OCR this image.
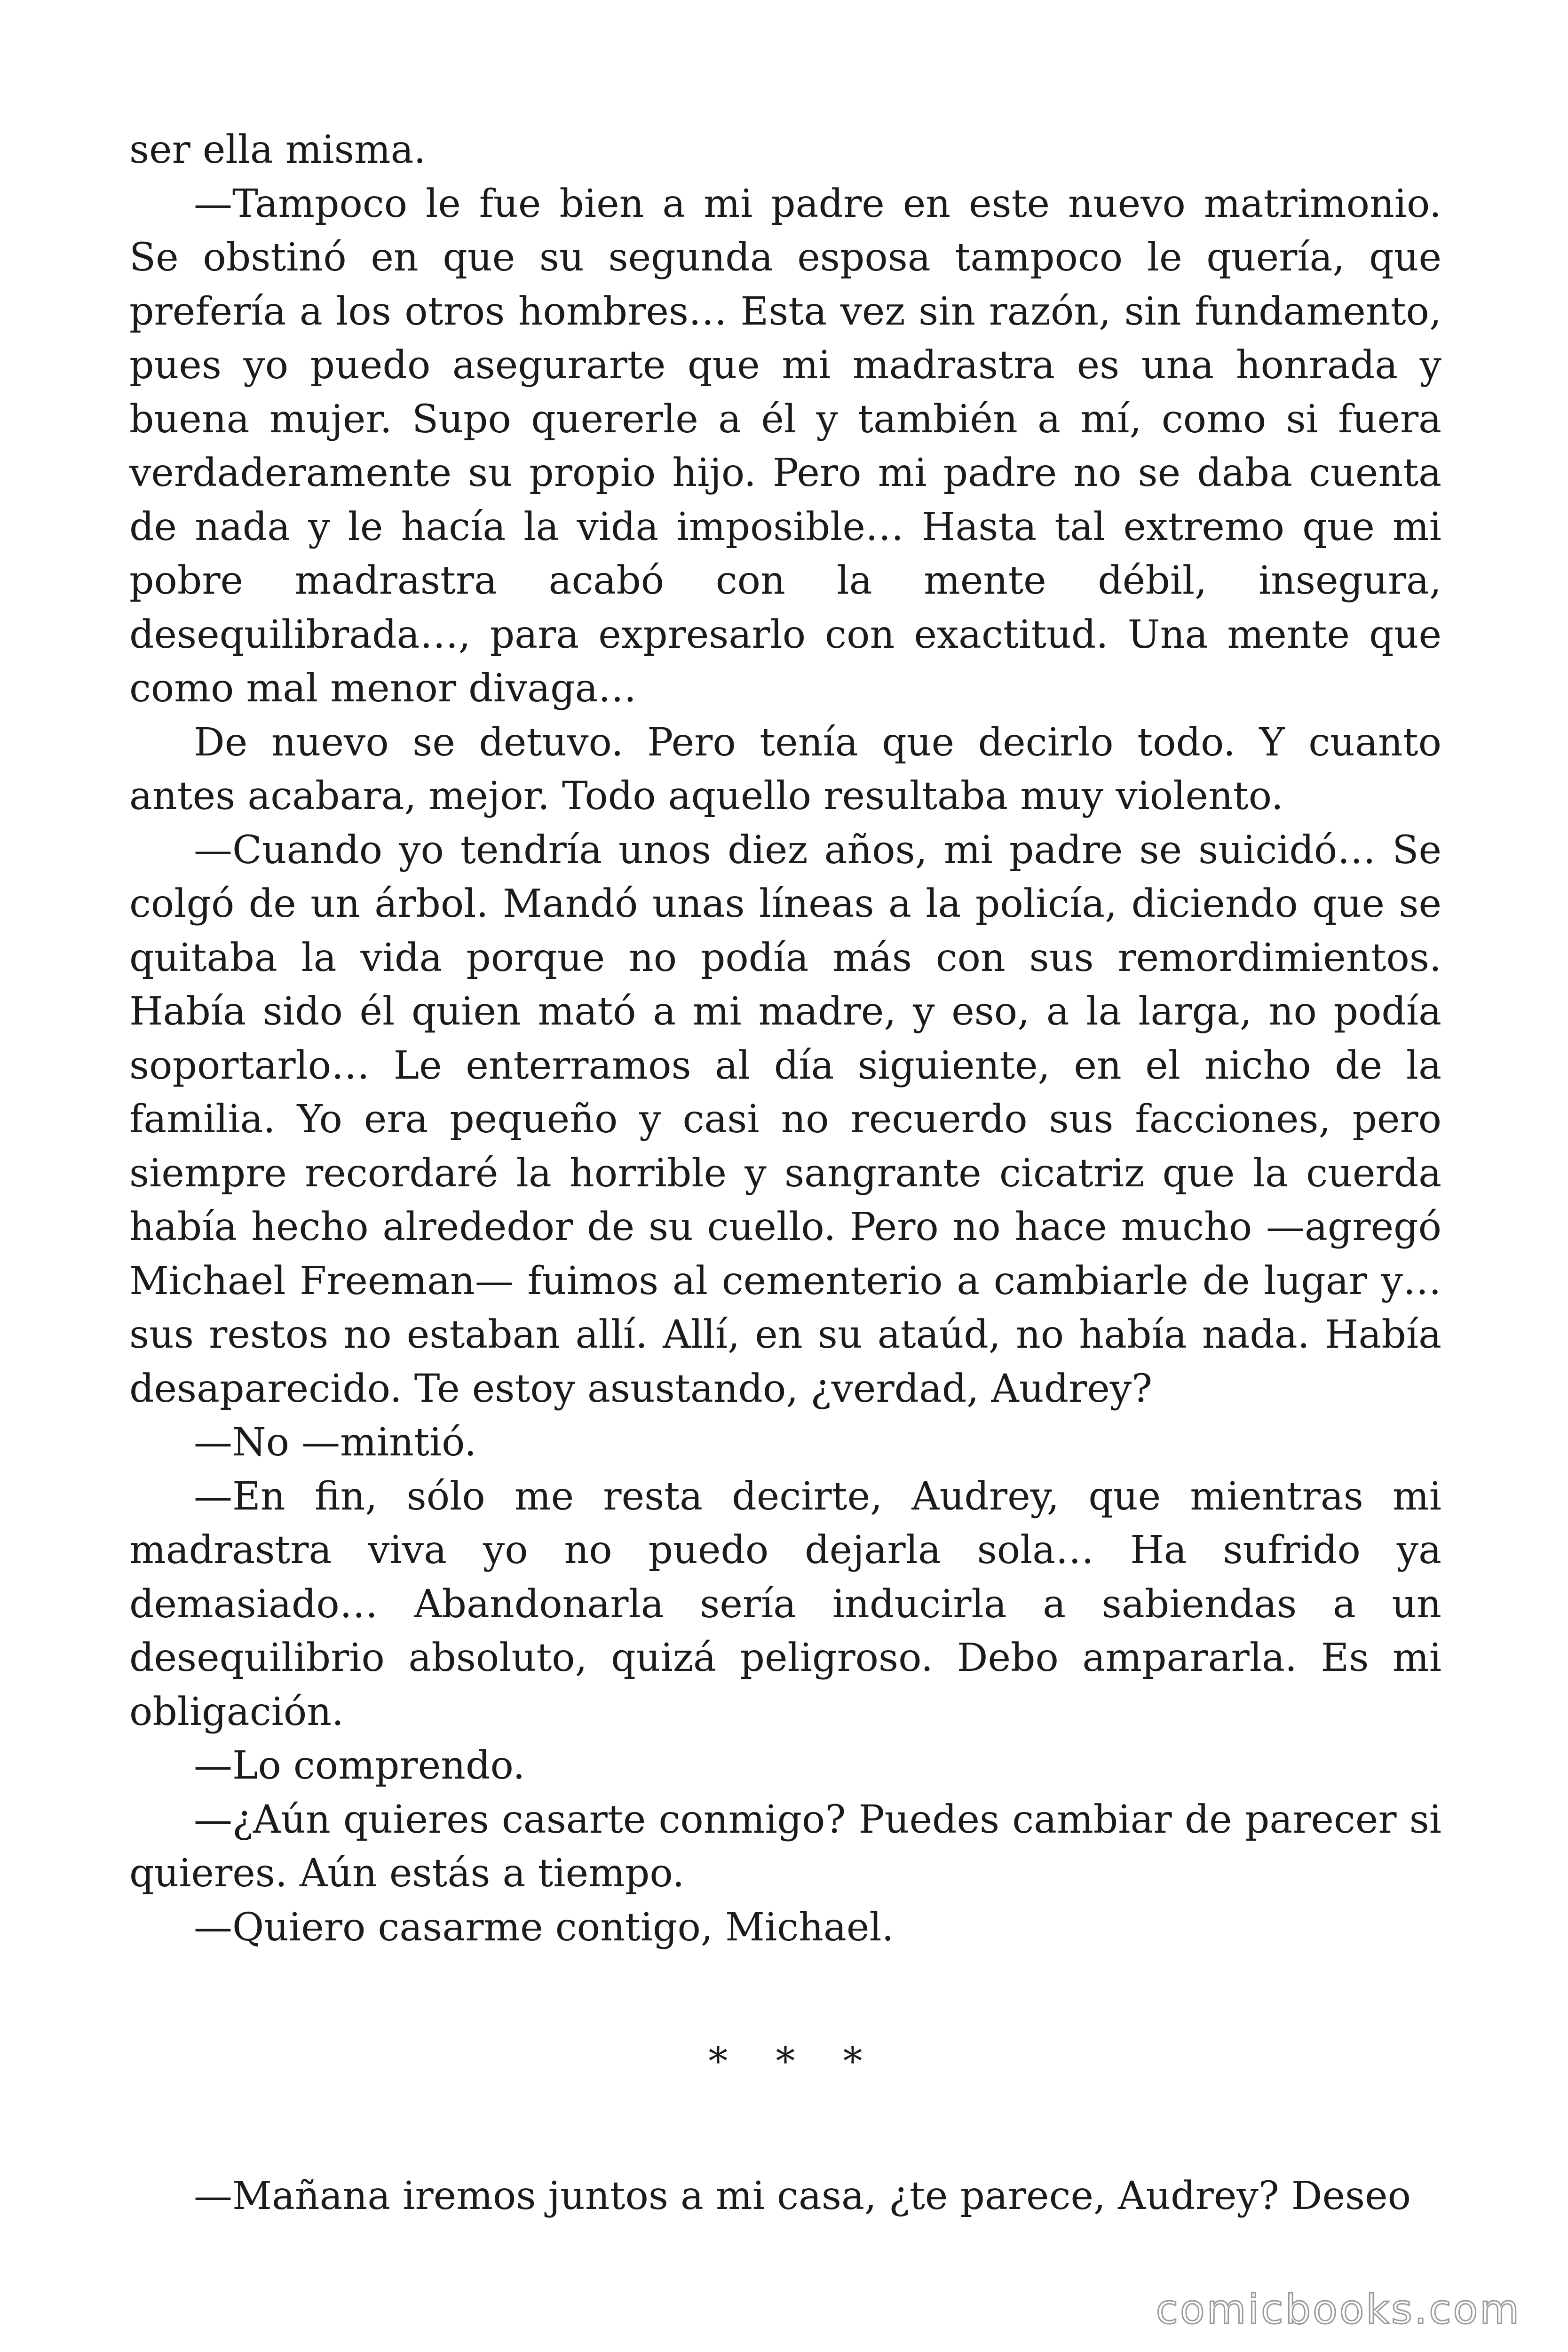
ser ella misma.

—Tampoco le fue bien a mi padre en este nuevo matrimonio. Se obstinó en que su segunda esposa tampoco le quería, que prefería a los otros hombres… Esta vez sin razón, sin fundamento, pues yo puedo asegurarte que mi madrastra es una honrada y buena mujer. Supo quererle a él y también a mí, como si fuera verdaderamente su propio hijo. Pero mi padre no se daba cuenta de nada y le hacía la vida imposible… Hasta tal extremo que mi pobre madrastra acabó con la mente débil, insegura, desequilibrada…, para expresarlo con exactitud. Una mente que como mal menor divaga…

De nuevo se detuvo. Pero tenía que decirlo todo. Y cuanto antes acabara, mejor. Todo aquello resultaba muy violento.

—Cuando yo tendría unos diez años, mi padre se suicidó… Se colgó de un árbol. Mandó unas líneas a la policía, diciendo que se quitaba la vida porque no podía más con sus remordimientos. Había sido él quien mató a mi madre, y eso, a la larga, no podía soportarlo… Le enterramos al día siguiente, en el nicho de la familia. Yo era pequeño y casi no recuerdo sus facciones, pero siempre recordaré la horrible y sangrante cicatriz que la cuerda había hecho alrededor de su cuello. Pero no hace mucho —agregó Michael Freeman— fuimos al cementerio a cambiarle de lugar y… sus restos no estaban allí. Allí, en su ataúd, no había nada. Había desaparecido. Te estoy asustando, ¿verdad, Audrey?

—No —mintió.

—En fin, sólo me resta decirte, Audrey, que mientras mi madrastra viva yo no puedo dejarla sola… Ha sufrido ya demasiado… Abandonarla sería inducirla a sabiendas a un desequilibrio absoluto, quizá peligroso. Debo ampararla. Es mi obligación.

—Lo comprendo.

—¿Aún quieres casarte conmigo? Puedes cambiar de parecer si quieres. Aún estás a tiempo.

—Quiero casarme contigo, Michael.

* * *

—Mañana iremos juntos a mi casa, ¿te parece, Audrey? Deseo

comicbooks.com
